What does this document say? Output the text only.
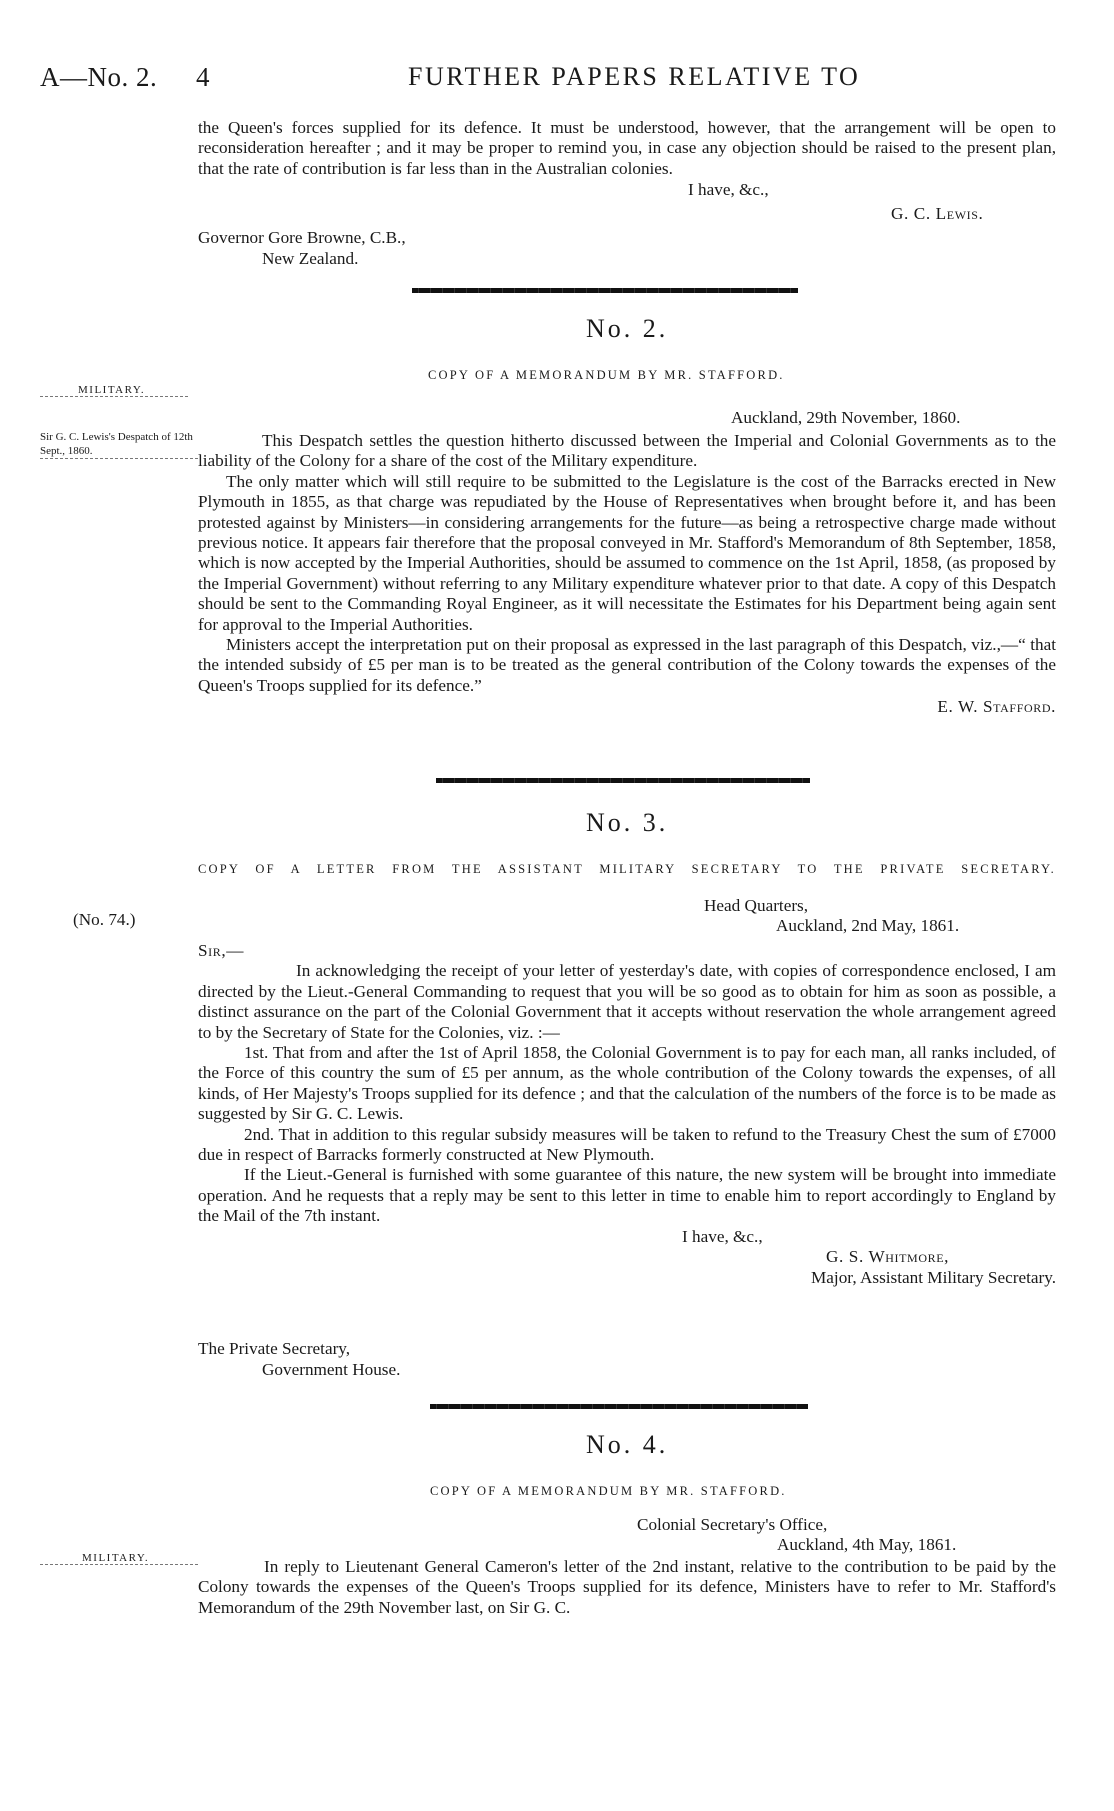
A—No. 2. 4	FURTHER PAPERS RELATIVE TO

the Queen's forces supplied for its defence. It must be understood, however, that the arrangement will be open to reconsideration hereafter ; and it may be proper to remind you, in case any objection should be raised to the present plan, that the rate of contribution is far less than in the Australian colonies.

I have, &c.,

G. C. Lewis.

Governor Gore Browne, C.B.,
New Zealand.
No. 2.
COPY OF A MEMORANDUM BY MR. STAFFORD.
MILITARY.
Sir G. C. Lewis's Despatch of 12th Sept., 1860.
Auckland, 29th November, 1860.

This Despatch settles the question hitherto discussed between the Imperial and Colonial Governments as to the liability of the Colony for a share of the cost of the Military expenditure.

The only matter which will still require to be submitted to the Legislature is the cost of the Barracks erected in New Plymouth in 1855, as that charge was repudiated by the House of Representatives when brought before it, and has been protested against by Ministers—in considering arrangements for the future—as being a retrospective charge made without previous notice. It appears fair therefore that the proposal conveyed in Mr. Stafford's Memorandum of 8th September, 1858, which is now accepted by the Imperial Authorities, should be assumed to commence on the 1st April, 1858, (as proposed by the Imperial Government) without referring to any Military expenditure whatever prior to that date. A copy of this Despatch should be sent to the Commanding Royal Engineer, as it will necessitate the Estimates for his Department being again sent for approval to the Imperial Authorities.

Ministers accept the interpretation put on their proposal as expressed in the last paragraph of this Despatch, viz.,—“ that the intended subsidy of £5 per man is to be treated as the general contribution of the Colony towards the expenses of the Queen's Troops supplied for its defence.”

E. W. Stafford.

No. 3.
COPY OF A LETTER FROM THE ASSISTANT MILITARY SECRETARY TO THE PRIVATE SECRETARY.
(No. 74.)
Head Quarters,
Auckland, 2nd May, 1861.

Sir,—

In acknowledging the receipt of your letter of yesterday's date, with copies of correspondence enclosed, I am directed by the Lieut.-General Commanding to request that you will be so good as to obtain for him as soon as possible, a distinct assurance on the part of the Colonial Government that it accepts without reservation the whole arrangement agreed to by the Secretary of State for the Colonies, viz. :—

1st. That from and after the 1st of April 1858, the Colonial Government is to pay for each man, all ranks included, of the Force of this country the sum of £5 per annum, as the whole contribution of the Colony towards the expenses, of all kinds, of Her Majesty's Troops supplied for its defence ; and that the calculation of the numbers of the force is to be made as suggested by Sir G. C. Lewis.

2nd. That in addition to this regular subsidy measures will be taken to refund to the Treasury Chest the sum of £7000 due in respect of Barracks formerly constructed at New Plymouth.

If the Lieut.-General is furnished with some guarantee of this nature, the new system will be brought into immediate operation. And he requests that a reply may be sent to this letter in time to enable him to report accordingly to England by the Mail of the 7th instant.

I have, &c.,

G. S. Whitmore,

Major, Assistant Military Secretary.

The Private Secretary,
Government House.
No. 4.
COPY OF A MEMORANDUM BY MR. STAFFORD.
Colonial Secretary's Office,
Auckland, 4th May, 1861.
MILITARY.	In reply to Lieutenant General Cameron's letter of the 2nd instant, relative to the contribution to be paid by the Colony towards the expenses of the Queen's Troops supplied for its defence, Ministers have to refer to Mr. Stafford's Memorandum of the 29th November last, on Sir G. C.
